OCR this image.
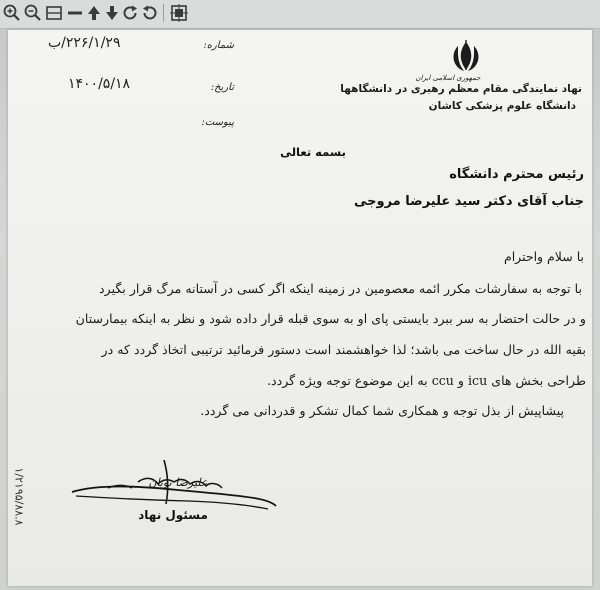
جمهوری اسلامی ایران
نهاد نمایندگی مقام معظم رهبری در دانشگاهها
دانشگاه علوم پزشکی کاشان
شماره:
۲۲۶/۱/۲۹/ب
تاریخ:
۱۴۰۰/۵/۱۸
پیوست:
بسمه تعالی
رئیس محترم دانشگاه
جناب آقای دکتر سید علیرضا مروجی
با سلام واحترام
با توجه به سفارشات مکرر ائمه معصومین در زمینه اینکه اگر کسی در آستانه مرگ قرار بگیرد
و در حالت احتضار به سر ببرد بایستی پای او به سوی قبله قرار داده شود و نظر به اینکه بیمارستان
بقیه الله در حال ساخت می باشد؛ لذا خواهشمند است دستور فرمائید ترتیبی اتخاذ گردد که در
طراحی بخش های icu و ccu به این موضوع توجه ویژه گردد.
پیشاپیش از بذل توجه و همکاری شما کمال تشکر و قدردانی می گردد.
علیرضا نوبان
مسئول نهاد
۱/۲۱۹۵/۸۸.۸
